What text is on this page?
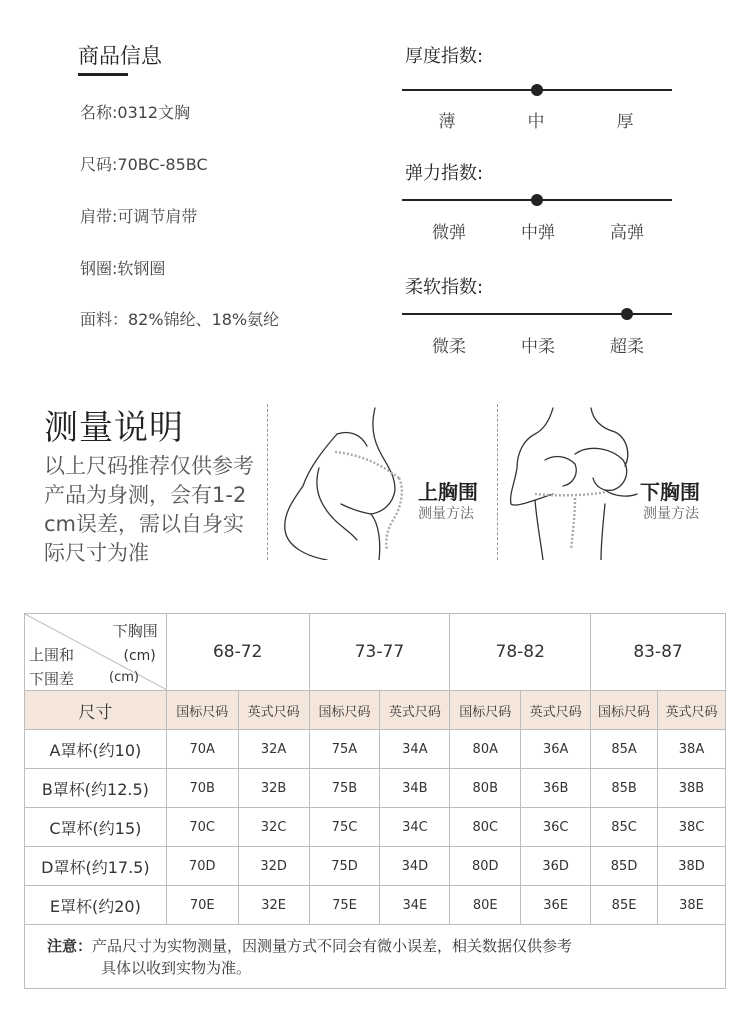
商品信息
名称:0312文胸
尺码:70BC-85BC
肩带:可调节肩带
钢圈:软钢圈
面料：82%锦纶、18%氨纶
厚度指数:
薄	中	厚
弹力指数:
微弹	中弹	高弹
柔软指数:
微柔	中柔	超柔
测量说明
以上尺码推荐仅供参考
产品为身测，会有1-2
cm误差，需以自身实
际尺寸为准
上胸围
测量方法
下胸围
测量方法
下胸围
(cm)
上围和
下围差 (cm)	68-72		73-77		78-82		83-87	
尺寸	国标尺码	英式尺码	国标尺码	英式尺码	国标尺码	英式尺码	国标尺码	英式尺码
A罩杯(约10)	70A	32A	75A	34A	80A	36A	85A	38A
B罩杯(约12.5)	70B	32B	75B	34B	80B	36B	85B	38B
C罩杯(约15)	70C	32C	75C	34C	80C	36C	85C	38C
D罩杯(约17.5)	70D	32D	75D	34D	80D	36D	85D	38D
E罩杯(约20)	70E	32E	75E	34E	80E	36E	85E	38E
注意：产品尺寸为实物测量，因测量方式不同会有微小误差，相关数据仅供参考
具体以收到实物为准。								
